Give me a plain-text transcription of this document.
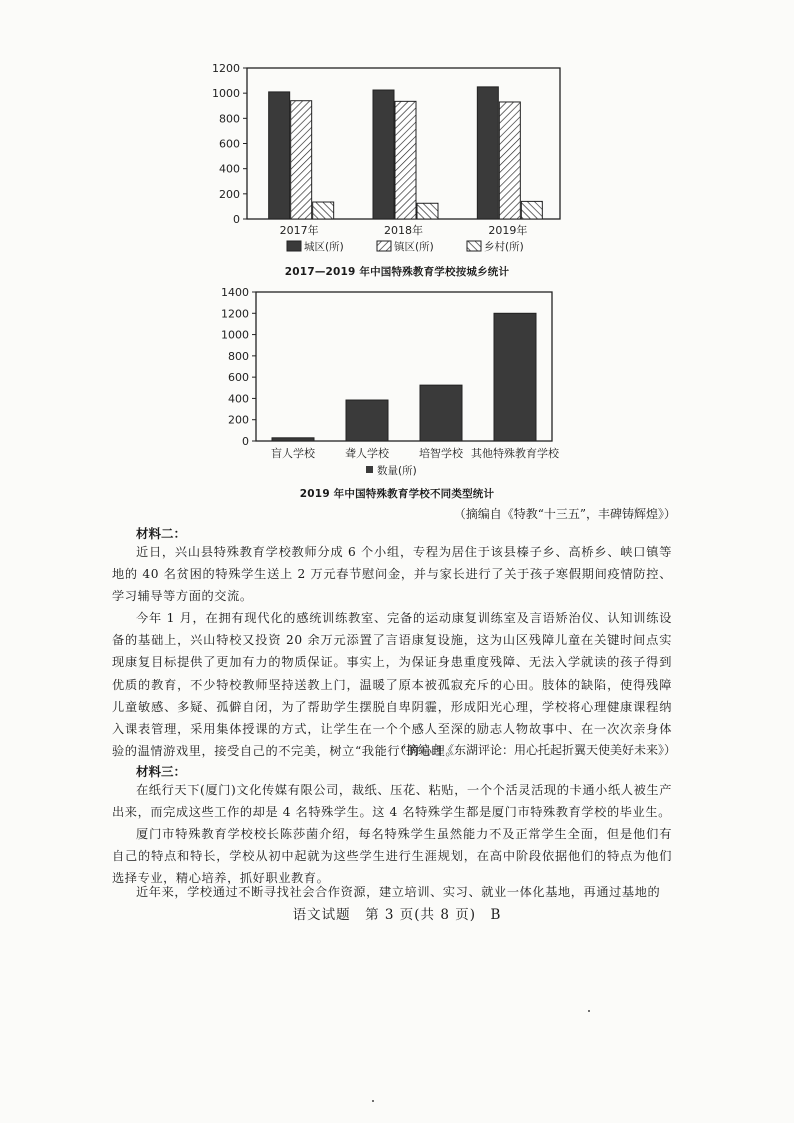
0
200
400
600
800
1000
1200
2017年	2018年	2019年
城区(所)	镇区(所)	乡村(所)
2017—2019 年中国特殊教育学校按城乡统计
0
200
400
600
800
1000
1200
1400
盲人学校	聋人学校	培智学校 其他特殊教育学校
数量(所)
2019 年中国特殊教育学校不同类型统计
（摘编自《特教“十三五”，丰碑铸辉煌》）
材料二：

近日，兴山县特殊教育学校教师分成 6 个小组，专程为居住于该县榛子乡、高桥乡、峡口镇等地的 40 名贫困的特殊学生送上 2 万元春节慰问金，并与家长进行了关于孩子寒假期间疫情防控、学习辅导等方面的交流。

今年 1 月，在拥有现代化的感统训练教室、完备的运动康复训练室及言语矫治仪、认知训练设备的基础上，兴山特校又投资 20 余万元添置了言语康复设施，这为山区残障儿童在关键时间点实现康复目标提供了更加有力的物质保证。事实上，为保证身患重度残障、无法入学就读的孩子得到优质的教育，不少特校教师坚持送教上门，温暖了原本被孤寂充斥的心田。肢体的缺陷，使得残障儿童敏感、多疑、孤僻自闭，为了帮助学生摆脱自卑阴霾，形成阳光心理，学校将心理健康课程纳入课表管理，采用集体授课的方式，让学生在一个个感人至深的励志人物故事中、在一次次亲身体验的温情游戏里，接受自己的不完美，树立“我能行”的心理。

（摘编自《东湖评论：用心托起折翼天使美好未来》）
材料三：

在纸行天下(厦门)文化传媒有限公司，裁纸、压花、粘贴，一个个活灵活现的卡通小纸人被生产出来，而完成这些工作的却是 4 名特殊学生。这 4 名特殊学生都是厦门市特殊教育学校的毕业生。

厦门市特殊教育学校校长陈莎菌介绍，每名特殊学生虽然能力不及正常学生全面，但是他们有自己的特点和特长，学校从初中起就为这些学生进行生涯规划，在高中阶段依据他们的特点为他们选择专业，精心培养，抓好职业教育。

近年来，学校通过不断寻找社会合作资源，建立培训、实习、就业一体化基地，再通过基地的

语文试题　第 3 页(共 8 页)　B
